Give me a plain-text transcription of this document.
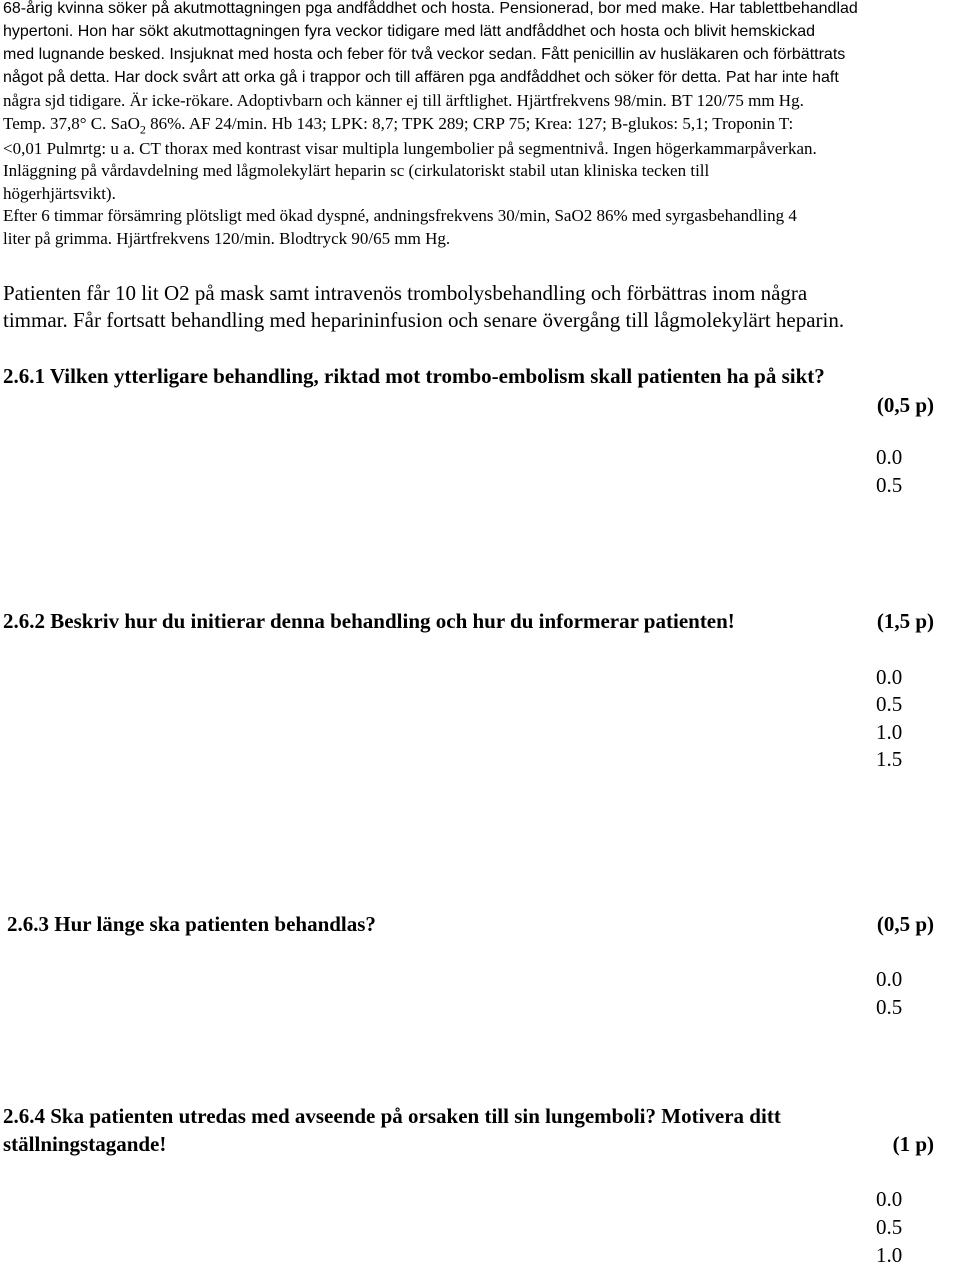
68-årig kvinna söker på akutmottagningen pga andfåddhet och hosta. Pensionerad, bor med make. Har tablettbehandlad
hypertoni. Hon har sökt akutmottagningen fyra veckor tidigare med lätt andfåddhet och hosta och blivit hemskickad
med lugnande besked. Insjuknat med hosta och feber för två veckor sedan. Fått penicillin av husläkaren och förbättrats
något på detta. Har dock svårt att orka gå i trappor och till affären pga andfåddhet och söker för detta. Pat har inte haft
några sjd tidigare. Är icke-rökare. Adoptivbarn och känner ej till ärftlighet. Hjärtfrekvens 98/min. BT 120/75 mm Hg.
Temp. 37,8° C. SaO$_2$ 86%. AF 24/min. Hb 143; LPK: 8,7; TPK 289; CRP 75; Krea: 127; B-glukos: 5,1; Troponin T:
<0,01 Pulmrtg: u a. CT thorax med kontrast visar multipla lungembolier på segmentnivå. Ingen högerkammarpåverkan.
Inläggning på vårdavdelning med lågmolekylärt heparin sc (cirkulatoriskt stabil utan kliniska tecken till
högerhjärtsvikt).
Efter 6 timmar försämring plötsligt med ökad dyspné, andningsfrekvens 30/min, SaO2 86% med syrgasbehandling 4
liter på grimma. Hjärtfrekvens 120/min. Blodtryck 90/65 mm Hg.
Patienten får 10 lit O2 på mask samt intravenös trombolysbehandling och förbättras inom några
timmar. Får fortsatt behandling med heparininfusion och senare övergång till lågmolekylärt heparin.
2.6.1 Vilken ytterligare behandling, riktad mot trombo-embolism skall patienten ha på sikt?
(0,5 p)
0.0
0.5
2.6.2 Beskriv hur du initierar denna behandling och hur du informerar patienten!	(1,5 p)
0.0
0.5
1.0
1.5
2.6.3 Hur länge ska patienten behandlas?	(0,5 p)
0.0
0.5
2.6.4 Ska patienten utredas med avseende på orsaken till sin lungemboli? Motivera ditt
ställningstagande!	(1 p)
0.0
0.5
1.0
